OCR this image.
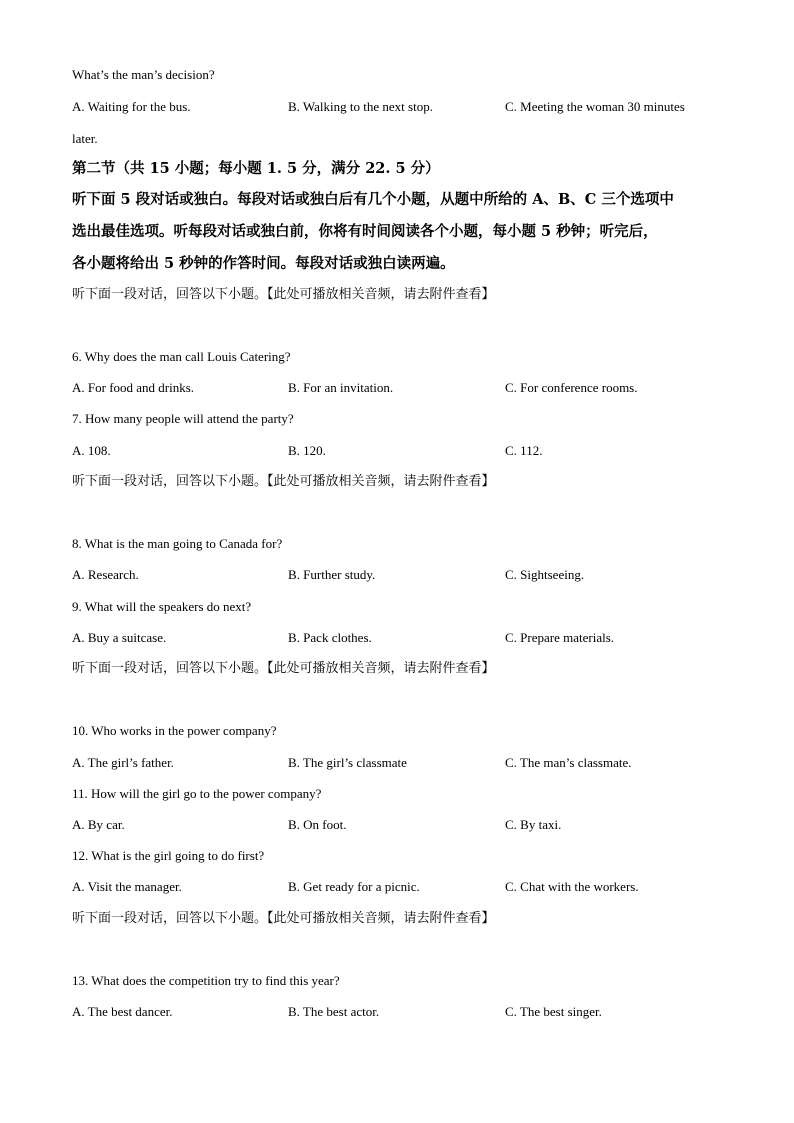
What’s the man’s decision?
A. Waiting for the bus.	B. Walking to the next stop.	C. Meeting the woman 30 minutes
later.
第二节（共 15 小题；每小题 1. 5 分，满分 22. 5 分）
听下面 5 段对话或独白。每段对话或独白后有几个小题，从题中所给的 A、B、C 三个选项中
选出最佳选项。听每段对话或独白前，你将有时间阅读各个小题，每小题 5 秒钟；听完后，
各小题将给出 5 秒钟的作答时间。每段对话或独白读两遍。
听下面一段对话，回答以下小题。【此处可播放相关音频，请去附件查看】
6. Why does the man call Louis Catering?
A. For food and drinks.	B. For an invitation.	C. For conference rooms.
7. How many people will attend the party?
A. 108.	B. 120.	C. 112.
听下面一段对话，回答以下小题。【此处可播放相关音频，请去附件查看】
8. What is the man going to Canada for?
A. Research.	B. Further study.	C. Sightseeing.
9. What will the speakers do next?
A. Buy a suitcase.	B. Pack clothes.	C. Prepare materials.
听下面一段对话，回答以下小题。【此处可播放相关音频，请去附件查看】
10. Who works in the power company?
A. The girl’s father.	B. The girl’s classmate	C. The man’s classmate.
11. How will the girl go to the power company?
A. By car.	B. On foot.	C. By taxi.
12. What is the girl going to do first?
A. Visit the manager.	B. Get ready for a picnic.	C. Chat with the workers.
听下面一段对话，回答以下小题。【此处可播放相关音频，请去附件查看】
13. What does the competition try to find this year?
A. The best dancer.	B. The best actor.	C. The best singer.
